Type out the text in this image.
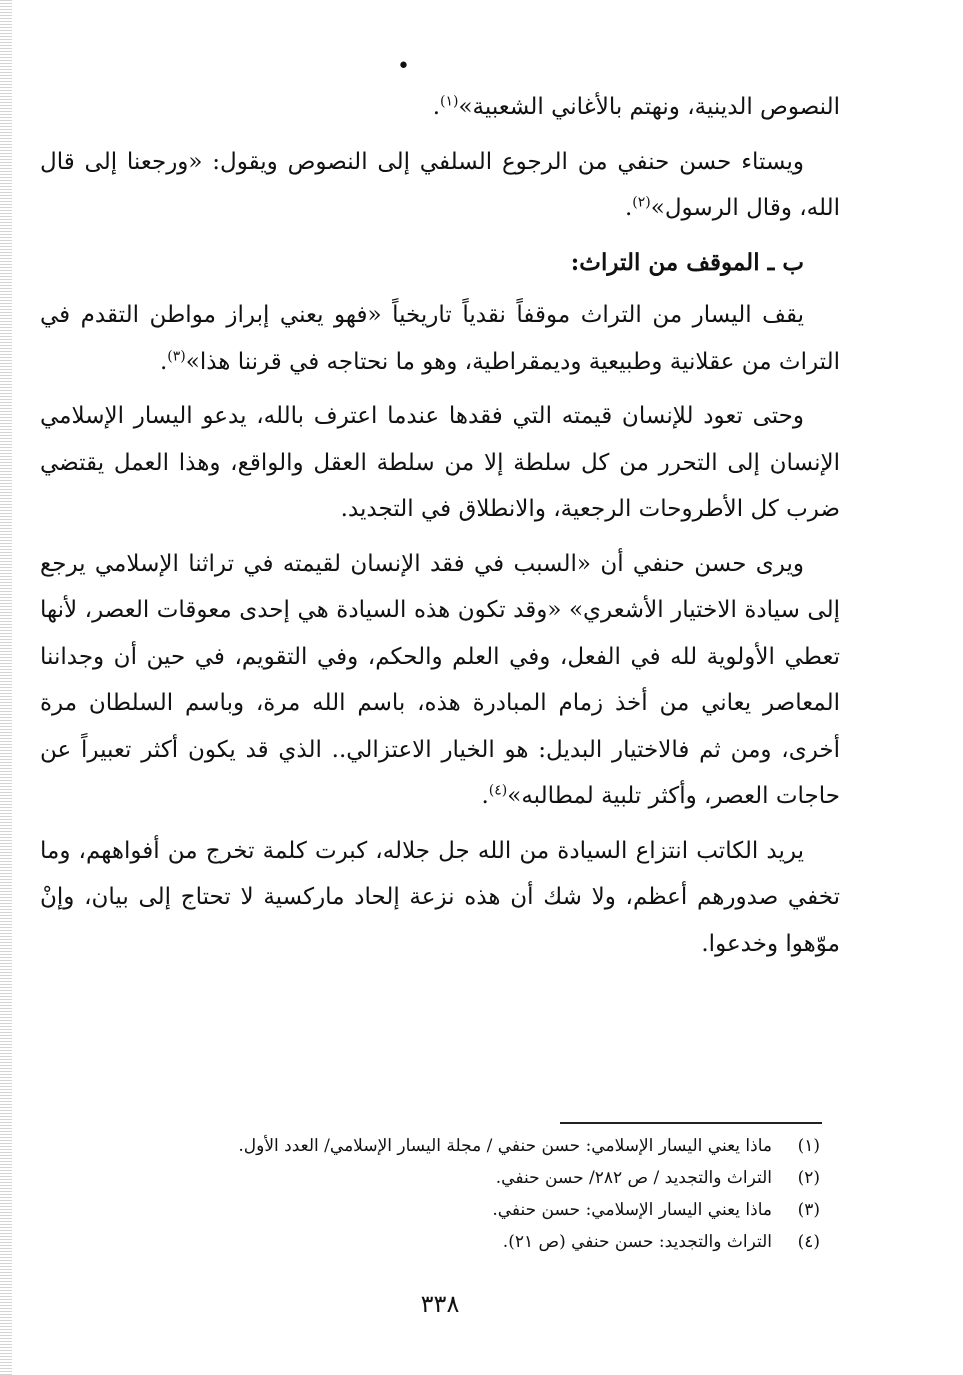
•

النصوص الدينية، ونهتم بالأغاني الشعبية»$^{(١)}$.

ويستاء حسن حنفي من الرجوع السلفي إلى النصوص ويقول: «ورجعنا إلى قال الله، وقال الرسول»$^{(٢)}$.

ب ـ الموقف من التراث:

يقف اليسار من التراث موقفاً نقدياً تاريخياً «فهو يعني إبراز مواطن التقدم في التراث من عقلانية وطبيعية وديمقراطية، وهو ما نحتاجه في قرننا هذا»$^{(٣)}$.

وحتى تعود للإنسان قيمته التي فقدها عندما اعترف بالله، يدعو اليسار الإسلامي الإنسان إلى التحرر من كل سلطة إلا من سلطة العقل والواقع، وهذا العمل يقتضي ضرب كل الأطروحات الرجعية، والانطلاق في التجديد.

ويرى حسن حنفي أن «السبب في فقد الإنسان لقيمته في تراثنا الإسلامي يرجع إلى سيادة الاختيار الأشعري» «وقد تكون هذه السيادة هي إحدى معوقات العصر، لأنها تعطي الأولوية لله في الفعل، وفي العلم والحكم، وفي التقويم، في حين أن وجداننا المعاصر يعاني من أخذ زمام المبادرة هذه، باسم الله مرة، وباسم السلطان مرة أخرى، ومن ثم فالاختيار البديل: هو الخيار الاعتزالي.. الذي قد يكون أكثر تعبيراً عن حاجات العصر، وأكثر تلبية لمطالبه»$^{(٤)}$.

يريد الكاتب انتزاع السيادة من الله جل جلاله، كبرت كلمة تخرج من أفواههم، وما تخفي صدورهم أعظم، ولا شك أن هذه نزعة إلحاد ماركسية لا تحتاج إلى بيان، وإنْ موّهوا وخدعوا.

(١)
ماذا يعني اليسار الإسلامي: حسن حنفي / مجلة اليسار الإسلامي/ العدد الأول.
(٢)
التراث والتجديد / ص ٢٨٢/ حسن حنفي.
(٣)
ماذا يعني اليسار الإسلامي: حسن حنفي.
(٤)
التراث والتجديد: حسن حنفي (ص ٢١).
٣٣٨
